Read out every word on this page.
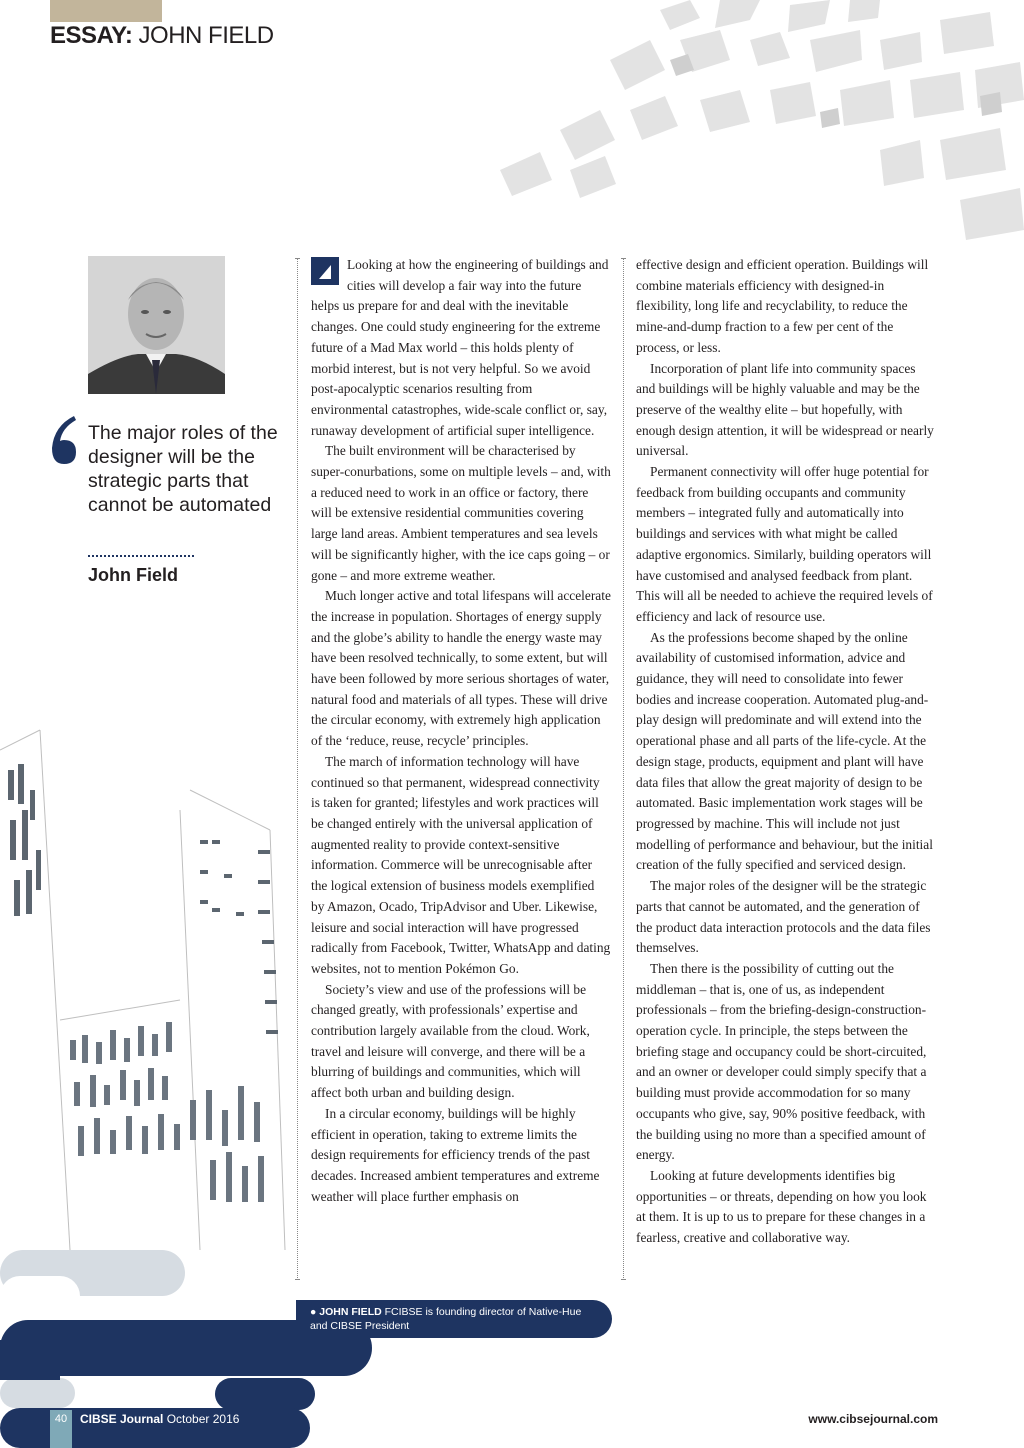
ESSAY: JOHN FIELD
The major roles of the designer will be the strategic parts that cannot be automated
John Field

Looking at how the engineering of buildings and cities will develop a fair way into the future helps us prepare for and deal with the inevitable changes. One could study engineering for the extreme future of a Mad Max world – this holds plenty of morbid interest, but is not very helpful. So we avoid post-apocalyptic scenarios resulting from environmental catastrophes, wide-scale conflict or, say, runaway development of artificial super intelligence.

The built environment will be characterised by super-conurbations, some on multiple levels – and, with a reduced need to work in an office or factory, there will be extensive residential communities covering large land areas. Ambient temperatures and sea levels will be significantly higher, with the ice caps going – or gone – and more extreme weather.

Much longer active and total lifespans will accelerate the increase in population. Shortages of energy supply and the globe’s ability to handle the energy waste may have been resolved technically, to some extent, but will have been followed by more serious shortages of water, natural food and materials of all types. These will drive the circular economy, with extremely high application of the ‘reduce, reuse, recycle’ principles.

The march of information technology will have continued so that permanent, widespread connectivity is taken for granted; lifestyles and work practices will be changed entirely with the universal application of augmented reality to provide context-sensitive information. Commerce will be unrecognisable after the logical extension of business models exemplified by Amazon, Ocado, TripAdvisor and Uber. Likewise, leisure and social interaction will have progressed radically from Facebook, Twitter, WhatsApp and dating websites, not to mention Pokémon Go.

Society’s view and use of the professions will be changed greatly, with professionals’ expertise and contribution largely available from the cloud. Work, travel and leisure will converge, and there will be a blurring of buildings and communities, which will affect both urban and building design.

In a circular economy, buildings will be highly efficient in operation, taking to extreme limits the design requirements for efficiency trends of the past decades. Increased ambient temperatures and extreme weather will place further emphasis on

effective design and efficient operation. Buildings will combine materials efficiency with designed-in flexibility, long life and recyclability, to reduce the mine-and-dump fraction to a few per cent of the process, or less.

Incorporation of plant life into community spaces and buildings will be highly valuable and may be the preserve of the wealthy elite – but hopefully, with enough design attention, it will be widespread or nearly universal.

Permanent connectivity will offer huge potential for feedback from building occupants and community members – integrated fully and automatically into buildings and services with what might be called adaptive ergonomics. Similarly, building operators will have customised and analysed feedback from plant. This will all be needed to achieve the required levels of efficiency and lack of resource use.

As the professions become shaped by the online availability of customised information, advice and guidance, they will need to consolidate into fewer bodies and increase cooperation. Automated plug-and-play design will predominate and will extend into the operational phase and all parts of the life-cycle. At the design stage, products, equipment and plant will have data files that allow the great majority of design to be automated. Basic implementation work stages will be progressed by machine. This will include not just modelling of performance and behaviour, but the initial creation of the fully specified and serviced design.

The major roles of the designer will be the strategic parts that cannot be automated, and the generation of the product data interaction protocols and the data files themselves.

Then there is the possibility of cutting out the middleman – that is, one of us, as independent professionals – from the briefing-design-construction-operation cycle. In principle, the steps between the briefing stage and occupancy could be short-circuited, and an owner or developer could simply specify that a building must provide accommodation for so many occupants who give, say, 90% positive feedback, with the building using no more than a specified amount of energy.

Looking at future developments identifies big opportunities – or threats, depending on how you look at them. It is up to us to prepare for these changes in a fearless, creative and collaborative way.

● JOHN FIELD FCIBSE is founding director of Native-Hue and CIBSE President
40	CIBSE Journal October 2016	www.cibsejournal.com
